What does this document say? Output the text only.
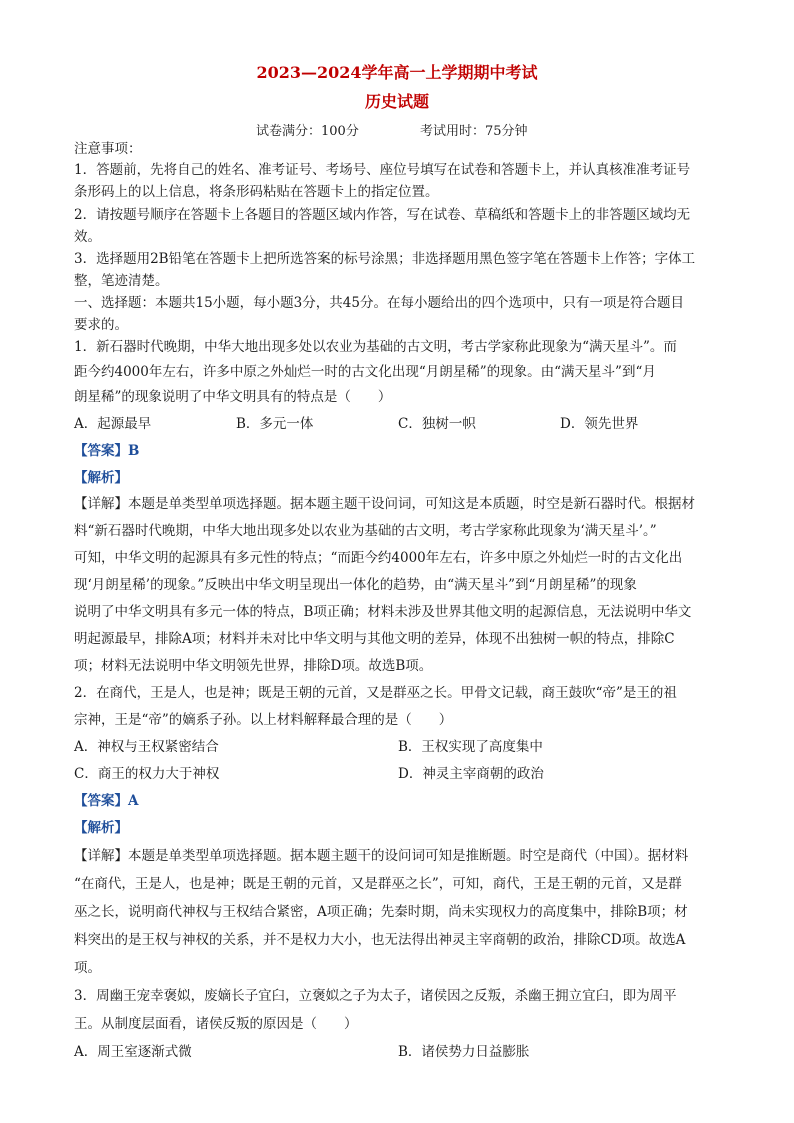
2023—2024学年高一上学期期中考试
历史试题
试卷满分：100分	考试用时：75分钟
注意事项：
1．答题前，先将自己的姓名、准考证号、考场号、座位号填写在试卷和答题卡上，并认真核准准考证号
条形码上的以上信息，将条形码粘贴在答题卡上的指定位置。
2．请按题号顺序在答题卡上各题目的答题区域内作答，写在试卷、草稿纸和答题卡上的非答题区域均无
效。
3．选择题用2B铅笔在答题卡上把所选答案的标号涂黑；非选择题用黑色签字笔在答题卡上作答；字体工
整，笔迹清楚。
一、选择题：本题共15小题，每小题3分，共45分。在每小题给出的四个选项中，只有一项是符合题目
要求的。
1．新石器时代晚期，中华大地出现多处以农业为基础的古文明，考古学家称此现象为“满天星斗”。而
距今约4000年左右，许多中原之外灿烂一时的古文化出现“月朗星稀”的现象。由“满天星斗”到“月
朗星稀”的现象说明了中华文明具有的特点是（　　）
A．起源最早	B．多元一体	C．独树一帜	D．领先世界
【答案】B
【解析】
【详解】本题是单类型单项选择题。据本题主题干设问词，可知这是本质题，时空是新石器时代。根据材
料“新石器时代晚期，中华大地出现多处以农业为基础的古文明，考古学家称此现象为‘满天星斗’。”
可知，中华文明的起源具有多元性的特点；“而距今约4000年左右，许多中原之外灿烂一时的古文化出
现‘月朗星稀’的现象。”反映出中华文明呈现出一体化的趋势，由“满天星斗”到“月朗星稀”的现象
说明了中华文明具有多元一体的特点，B项正确；材料未涉及世界其他文明的起源信息，无法说明中华文
明起源最早，排除A项；材料并未对比中华文明与其他文明的差异，体现不出独树一帜的特点，排除C
项；材料无法说明中华文明领先世界，排除D项。故选B项。
2．在商代，王是人，也是神；既是王朝的元首，又是群巫之长。甲骨文记载，商王鼓吹“帝”是王的祖
宗神，王是“帝”的嫡系子孙。以上材料解释最合理的是（　　）
A．神权与王权紧密结合	B．王权实现了高度集中
C．商王的权力大于神权	D．神灵主宰商朝的政治
【答案】A
【解析】
【详解】本题是单类型单项选择题。据本题主题干的设问词可知是推断题。时空是商代（中国）。据材料
“在商代，王是人，也是神；既是王朝的元首，又是群巫之长”，可知，商代，王是王朝的元首，又是群
巫之长，说明商代神权与王权结合紧密，A项正确；先秦时期，尚未实现权力的高度集中，排除B项；材
料突出的是王权与神权的关系，并不是权力大小，也无法得出神灵主宰商朝的政治，排除CD项。故选A
项。
3．周幽王宠幸褒姒，废嫡长子宜臼，立褒姒之子为太子，诸侯因之反叛，杀幽王拥立宜臼，即为周平
王。从制度层面看，诸侯反叛的原因是（　　）
A．周王室逐渐式微	B．诸侯势力日益膨胀
